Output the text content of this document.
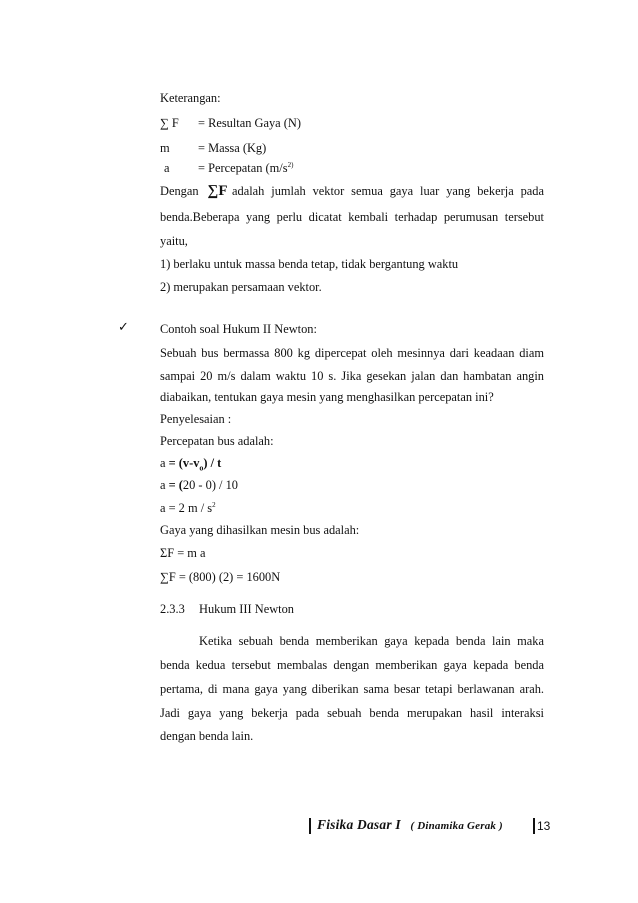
Keterangan:
∑ F = Resultan Gaya (N)
m = Massa (Kg)
a = Percepatan ($m/s^{2)}$
Dengan ∑F adalah jumlah vektor semua gaya luar yang bekerja pada
benda.Beberapa yang perlu dicatat kembali terhadap perumusan tersebut
yaitu,
1) berlaku untuk massa benda tetap, tidak bergantung waktu
2) merupakan persamaan vektor.
✓	Contoh soal Hukum II Newton:
Sebuah bus bermassa 800 kg dipercepat oleh mesinnya dari keadaan diam
sampai 20 m/s dalam waktu 10 s. Jika gesekan jalan dan hambatan angin
diabaikan, tentukan gaya mesin yang menghasilkan percepatan ini?
Penyelesaian :
Percepatan bus adalah:
$a = (v-v_o) / t$
a = (20 - 0) / 10
a = 2 m / $s^2$
Gaya yang dihasilkan mesin bus adalah:
ΣF = m a
∑F = (800) (2) = 1600N
2.3.3 Hukum III Newton
Ketika sebuah benda memberikan gaya kepada benda lain maka
benda kedua tersebut membalas dengan memberikan gaya kepada benda
pertama, di mana gaya yang diberikan sama besar tetapi berlawanan arah.
Jadi gaya yang bekerja pada sebuah benda merupakan hasil interaksi
dengan benda lain.
Fisika Dasar I ( Dinamika Gerak )	13
